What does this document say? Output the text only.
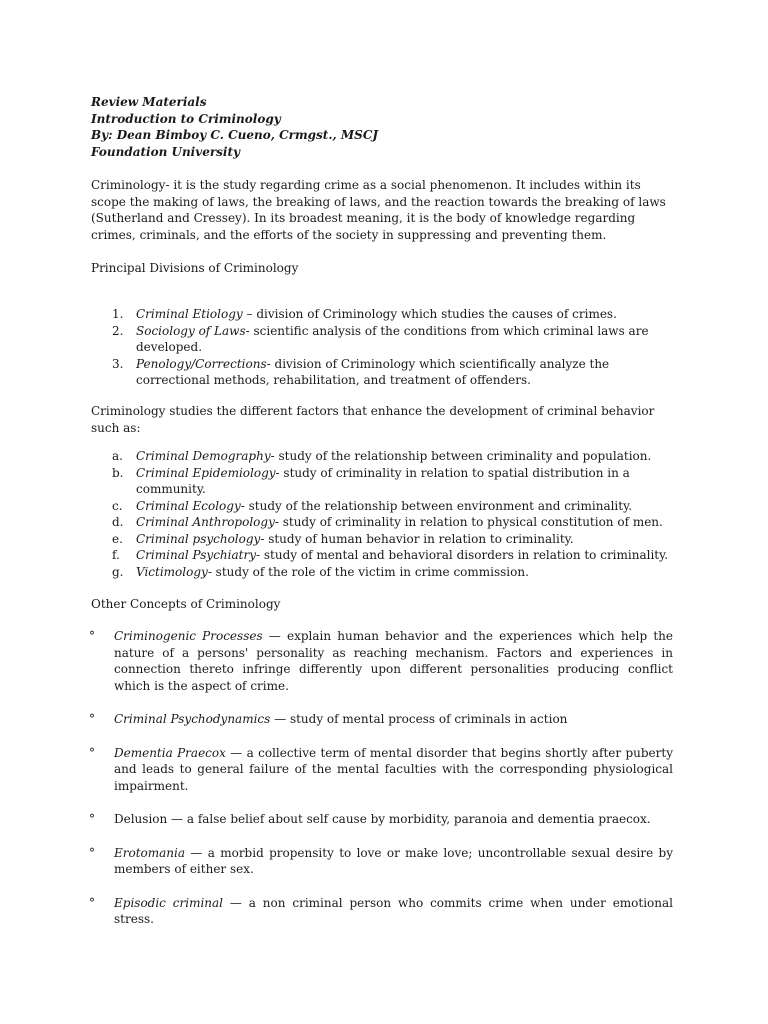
Review Materials
Introduction to Criminology
By: Dean Bimboy C. Cueno, Crmgst., MSCJ
Foundation University

Criminology- it is the study regarding crime as a social phenomenon. It includes within its scope the making of laws, the breaking of laws, and the reaction towards the breaking of laws (Sutherland and Cressey). In its broadest meaning, it is the body of knowledge regarding crimes, criminals, and the efforts of the society in suppressing and preventing them.

Principal Divisions of Criminology

1. Criminal Etiology – division of Criminology which studies the causes of crimes.
2. Sociology of Laws- scientific analysis of the conditions from which criminal laws are developed.
3. Penology/Corrections- division of Criminology which scientifically analyze the correctional methods, rehabilitation, and treatment of offenders.

Criminology studies the different factors that enhance the development of criminal behavior such as:

a. Criminal Demography- study of the relationship between criminality and population.
b. Criminal Epidemiology- study of criminality in relation to spatial distribution in a community.
c. Criminal Ecology- study of the relationship between environment and criminality.
d. Criminal Anthropology- study of criminality in relation to physical constitution of men.
e. Criminal psychology- study of human behavior in relation to criminality.
f. Criminal Psychiatry- study of mental and behavioral disorders in relation to criminality.
g. Victimology- study of the role of the victim in crime commission.

Other Concepts of Criminology

° Criminogenic Processes — explain human behavior and the experiences which help the nature of a persons' personality as reaching mechanism. Factors and experiences in connection thereto infringe differently upon different personalities producing conflict which is the aspect of crime.
° Criminal Psychodynamics — study of mental process of criminals in action
° Dementia Praecox — a collective term of mental disorder that begins shortly after puberty and leads to general failure of the mental faculties with the corresponding physiological impairment.
° Delusion — a false belief about self cause by morbidity, paranoia and dementia praecox.
° Erotomania — a morbid propensity to love or make love; uncontrollable sexual desire by members of either sex.
° Episodic criminal — a non criminal person who commits crime when under emotional stress.
